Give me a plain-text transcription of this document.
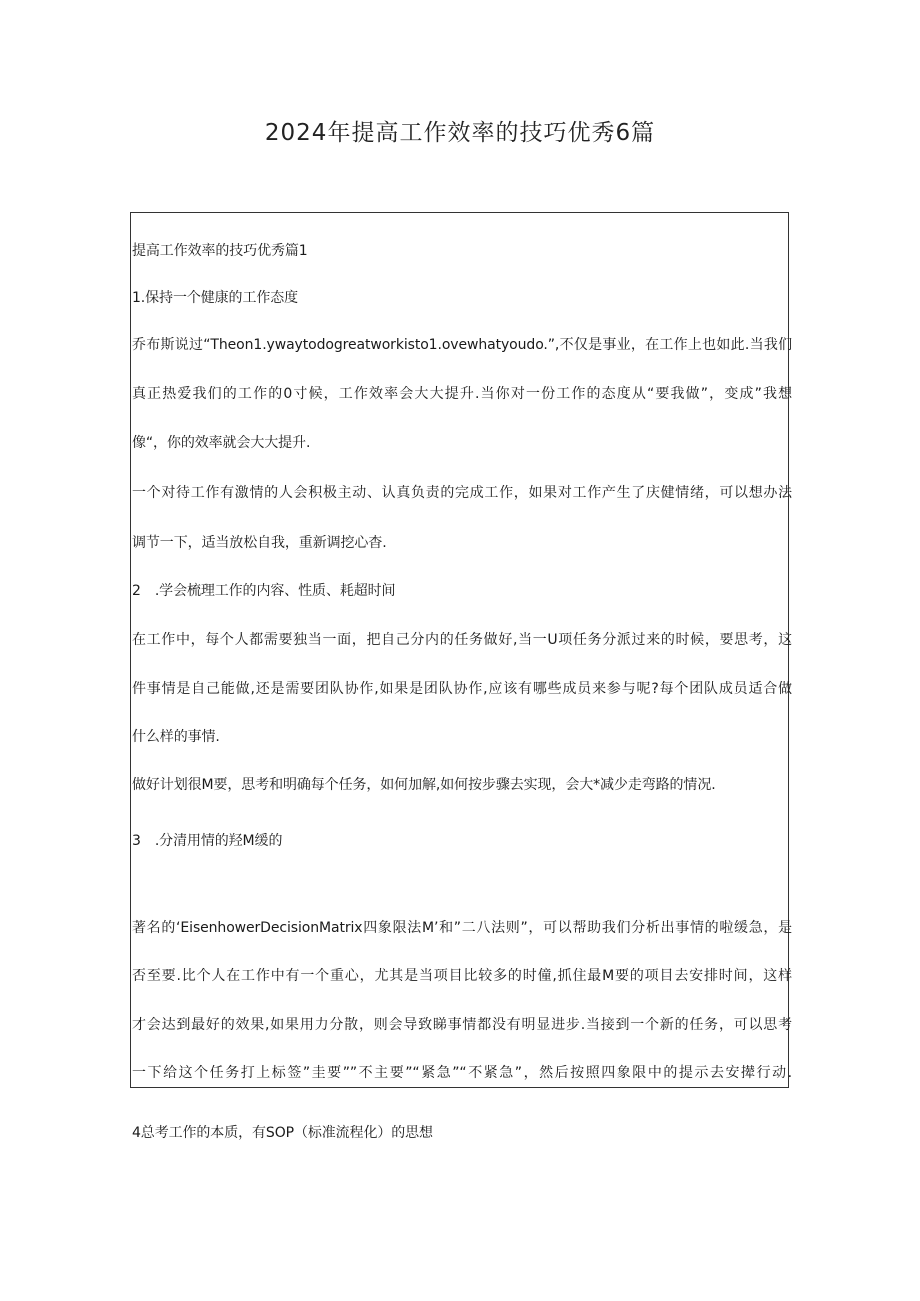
2024年提高工作效率的技巧优秀6篇
提高工作效率的技巧优秀篇1
1.保持一个健康的工作态度
乔布斯说过“Theon1.ywaytodogreatworkisto1.ovewhatyoudo.”,不仅是事业，在工作上也如此.当我们
真正热爱我们的工作的0寸候，工作效率会大大提升.当你对一份工作的态度从“要我做”，变成”我想
像“，你的效率就会大大提升.
一个对待工作有激情的人会积极主动、认真负责的完成工作，如果对工作产生了庆健情绪，可以想办法
调节一下，适当放松自我，重新调挖心杳.
2 .学会梳理工作的内容、性质、耗超时间
在工作中，每个人都需要独当一面，把自己分内的任务做好,当一U项任务分派过来的时候，要思考，这
件事情是自己能做,还是需要团队协作,如果是团队协作,应该有哪些成员来参与呢?每个团队成员适合做
什么样的事情.
做好计划很M要，思考和明确每个任务，如何加解,如何按步骤去实现，会大*减少走弯路的情况.
3 .分清用情的羟M缓的
著名的‘EisenhowerDecisionMatrix四象限法M’和”二八法则”，可以帮助我们分析出事情的啦缓急，是
否至要.比个人在工作中有一个重心，尤其是当项目比较多的时僮,抓住最M要的项目去安排时间，这样
才会达到最好的效果,如果用力分散，则会导致睇事情都没有明显进步.当接到一个新的任务，可以思考
一下给这个任务打上标签”圭要””不主要”“紧急”“不紧急”，然后按照四象限中的提示去安撵行动.
4总考工作的本质，有SOP（标准流程化）的思想
